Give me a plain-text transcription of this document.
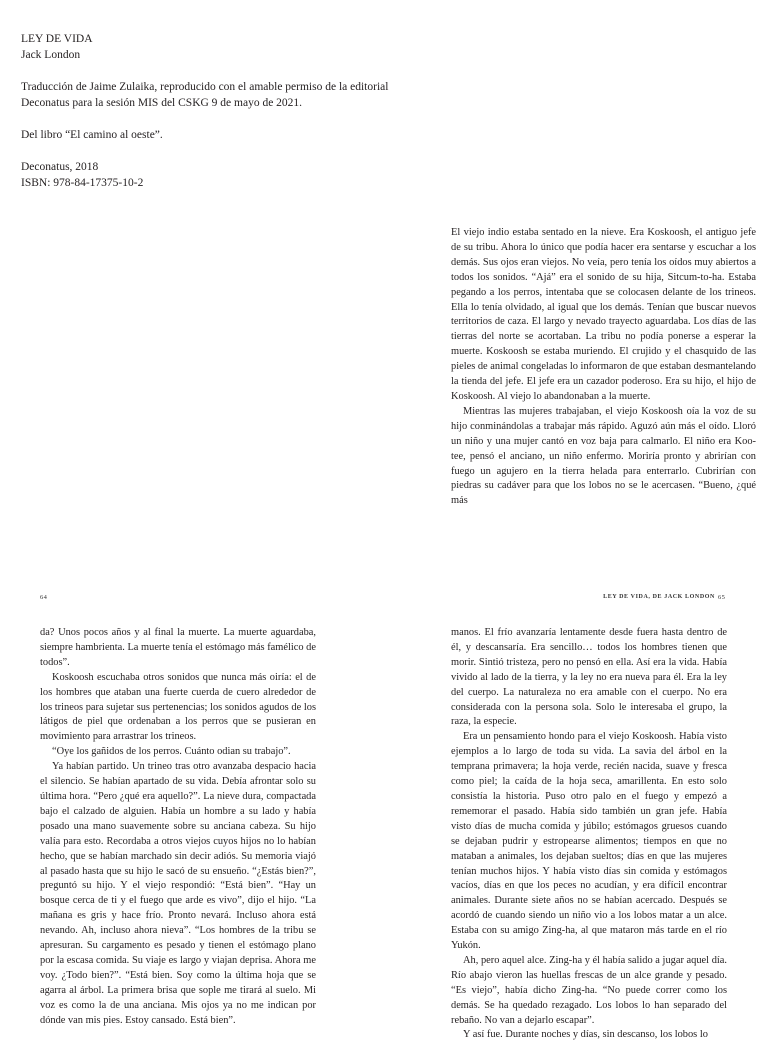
LEY DE VIDA

Jack London

Traducción de Jaime Zulaika, reproducido con el amable permiso de la editorial Deconatus para la sesión MIS del CSKG 9 de mayo de 2021.

Del libro “El camino al oeste”.

Deconatus, 2018

ISBN: 978-84-17375-10-2

El viejo indio estaba sentado en la nieve. Era Koskoosh, el antiguo jefe de su tribu. Ahora lo único que podía hacer era sentarse y escuchar a los demás. Sus ojos eran viejos. No veía, pero tenía los oídos muy abiertos a todos los sonidos. “Ajá” era el sonido de su hija, Sitcum-to-ha. Estaba pegando a los perros, intentaba que se colocasen delante de los trineos. Ella lo tenía olvidado, al igual que los demás. Tenían que buscar nuevos territorios de caza. El largo y nevado trayecto aguardaba. Los días de las tierras del norte se acortaban. La tribu no podía ponerse a esperar la muerte. Koskoosh se estaba muriendo. El crujido y el chasquido de las pieles de animal congeladas lo informaron de que estaban desmantelando la tienda del jefe. El jefe era un cazador poderoso. Era su hijo, el hijo de Koskoosh. Al viejo lo abandonaban a la muerte.

Mientras las mujeres trabajaban, el viejo Koskoosh oía la voz de su hijo conminándolas a trabajar más rápido. Aguzó aún más el oído. Lloró un niño y una mujer cantó en voz baja para calmarlo. El niño era Koo-tee, pensó el anciano, un niño enfermo. Moriría pronto y abrirían con fuego un agujero en la tierra helada para enterrarlo. Cubrirían con piedras su cadáver para que los lobos no se le acercasen. “Bueno, ¿qué más

64	LEY DE VIDA, DE JACK LONDON 65

da? Unos pocos años y al final la muerte. La muerte aguardaba, siempre hambrienta. La muerte tenía el estómago más famélico de todos”.

Koskoosh escuchaba otros sonidos que nunca más oiría: el de los hombres que ataban una fuerte cuerda de cuero alrededor de los trineos para sujetar sus pertenencias; los sonidos agudos de los látigos de piel que ordenaban a los perros que se pusieran en movimiento para arrastrar los trineos.

“Oye los gañidos de los perros. Cuánto odian su trabajo”.

Ya habían partido. Un trineo tras otro avanzaba despacio hacia el silencio. Se habían apartado de su vida. Debía afrontar solo su última hora. “Pero ¿qué era aquello?”. La nieve dura, compactada bajo el calzado de alguien. Había un hombre a su lado y había posado una mano suavemente sobre su anciana cabeza. Su hijo valía para esto. Recordaba a otros viejos cuyos hijos no lo habían hecho, que se habían marchado sin decir adiós. Su memoria viajó al pasado hasta que su hijo le sacó de su ensueño. “¿Estás bien?”, preguntó su hijo. Y el viejo respondió: “Está bien”. “Hay un bosque cerca de ti y el fuego que arde es vivo”, dijo el hijo. “La mañana es gris y hace frío. Pronto nevará. Incluso ahora está nevando. Ah, incluso ahora nieva”. “Los hombres de la tribu se apresuran. Su cargamento es pesado y tienen el estómago plano por la escasa comida. Su viaje es largo y viajan deprisa. Ahora me voy. ¿Todo bien?”. “Está bien. Soy como la última hoja que se agarra al árbol. La primera brisa que sople me tirará al suelo. Mi voz es como la de una anciana. Mis ojos ya no me indican por dónde van mis pies. Estoy cansado. Está bien”.

manos. El frío avanzaría lentamente desde fuera hasta dentro de él, y descansaría. Era sencillo… todos los hombres tienen que morir. Sintió tristeza, pero no pensó en ella. Así era la vida. Había vivido al lado de la tierra, y la ley no era nueva para él. Era la ley del cuerpo. La naturaleza no era amable con el cuerpo. No era considerada con la persona sola. Solo le interesaba el grupo, la raza, la especie.

Era un pensamiento hondo para el viejo Koskoosh. Había visto ejemplos a lo largo de toda su vida. La savia del árbol en la temprana primavera; la hoja verde, recién nacida, suave y fresca como piel; la caída de la hoja seca, amarillenta. En esto solo consistía la historia. Puso otro palo en el fuego y empezó a rememorar el pasado. Había sido también un gran jefe. Había visto días de mucha comida y júbilo; estómagos gruesos cuando se dejaban pudrir y estropearse alimentos; tiempos en que no mataban a animales, los dejaban sueltos; días en que las mujeres tenían muchos hijos. Y había visto días sin comida y estómagos vacíos, días en que los peces no acudían, y era difícil encontrar animales. Durante siete años no se habían acercado. Después se acordó de cuando siendo un niño vio a los lobos matar a un alce. Estaba con su amigo Zing-ha, al que mataron más tarde en el río Yukón.

Ah, pero aquel alce. Zing-ha y él había salido a jugar aquel día. Río abajo vieron las huellas frescas de un alce grande y pesado. “Es viejo”, había dicho Zing-ha. “No puede correr como los demás. Se ha quedado rezagado. Los lobos lo han separado del rebaño. No van a dejarlo escapar”.

Y así fue. Durante noches y días, sin descanso, los lobos lo
